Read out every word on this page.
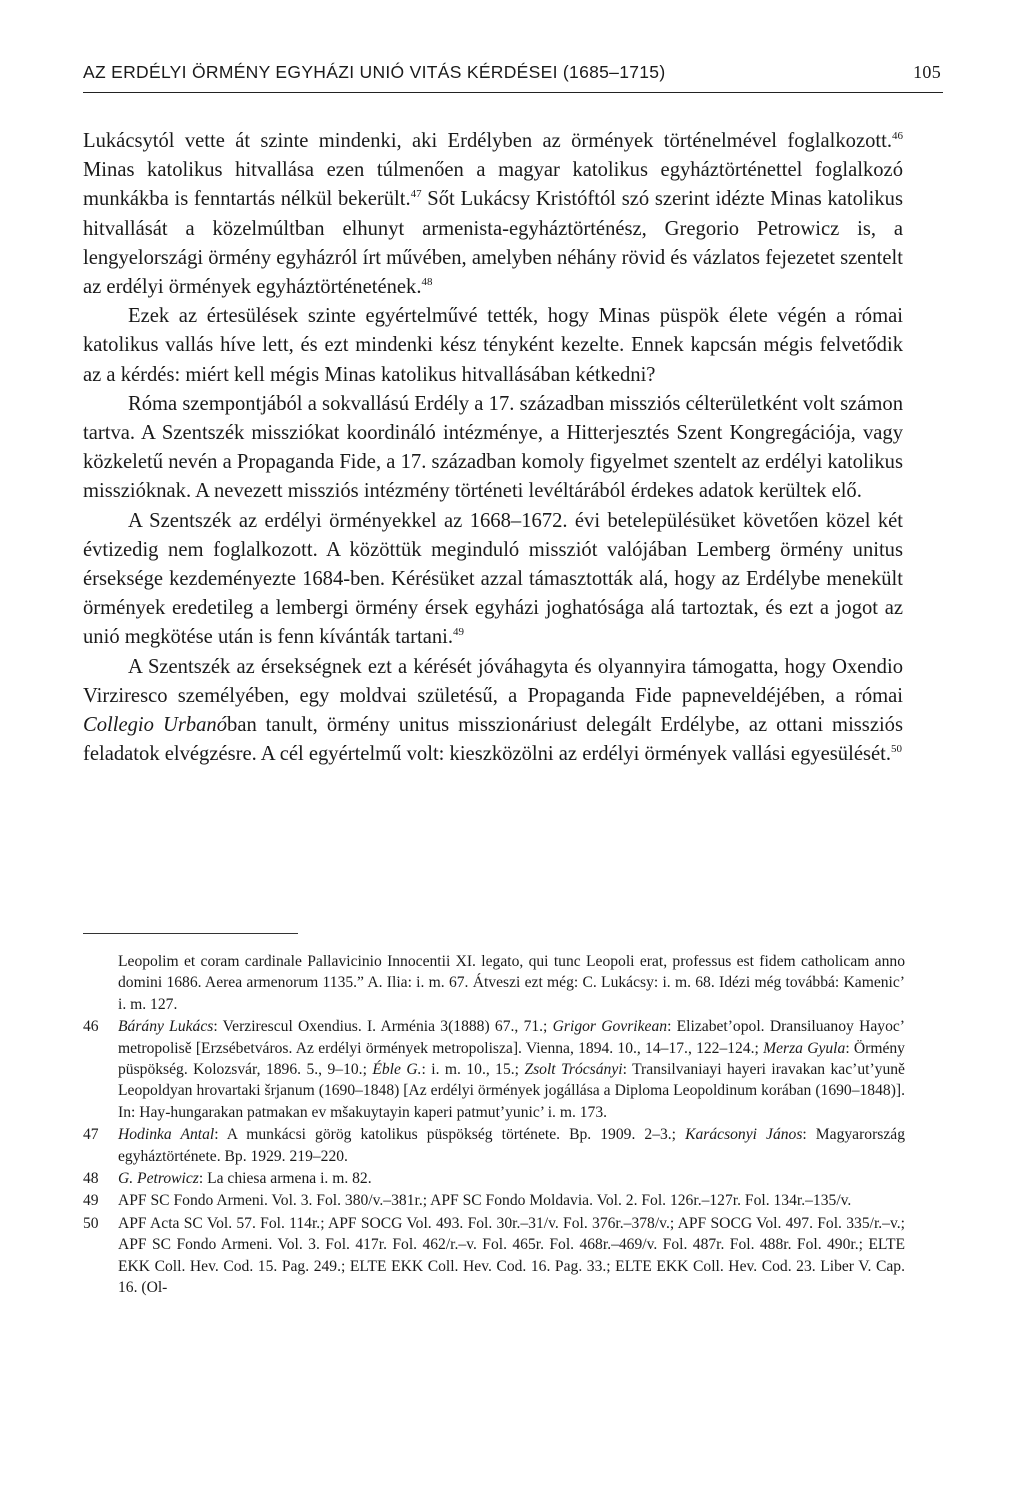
AZ ERDÉLYI ÖRMÉNY EGYHÁZI UNIÓ VITÁS KÉRDÉSEI (1685–1715)	105

Lukácsytól vette át szinte mindenki, aki Erdélyben az örmények történelmével foglalkozott.$^{46}$ Minas katolikus hitvallása ezen túlmenően a magyar katolikus egyháztörténettel foglalkozó munkákba is fenntartás nélkül bekerült.$^{47}$ Sőt Lukácsy Kristóftól szó szerint idézte Minas katolikus hitvallását a közelmúltban elhunyt armenista-egyháztörténész, Gregorio Petrowicz is, a lengyelországi örmény egyházról írt művében, amelyben néhány rövid és vázlatos fejezetet szentelt az erdélyi örmények egyháztörténetének.$^{48}$

Ezek az értesülések szinte egyértelművé tették, hogy Minas püspök élete végén a római katolikus vallás híve lett, és ezt mindenki kész tényként kezelte. Ennek kapcsán mégis felvetődik az a kérdés: miért kell mégis Minas katolikus hitvallásában kétkedni?

Róma szempontjából a sokvallású Erdély a 17. században missziós célterületként volt számon tartva. A Szentszék missziókat koordináló intézménye, a Hitterjesztés Szent Kongregációja, vagy közkeletű nevén a Propaganda Fide, a 17. században komoly figyelmet szentelt az erdélyi katolikus misszióknak. A nevezett missziós intézmény történeti levéltárából érdekes adatok kerültek elő.

A Szentszék az erdélyi örményekkel az 1668–1672. évi betelepülésüket követően közel két évtizedig nem foglalkozott. A közöttük meginduló missziót valójában Lemberg örmény unitus érseksége kezdeményezte 1684-ben. Kérésüket azzal támasztották alá, hogy az Erdélybe menekült örmények eredetileg a lembergi örmény érsek egyházi joghatósága alá tartoztak, és ezt a jogot az unió megkötése után is fenn kívánták tartani.$^{49}$

A Szentszék az érsekségnek ezt a kérését jóváhagyta és olyannyira támogatta, hogy Oxendio Virziresco személyében, egy moldvai születésű, a Propaganda Fide papneveldéjében, a római Collegio Urbanóban tanult, örmény unitus misszionáriust delegált Erdélybe, az ottani missziós feladatok elvégzésre. A cél egyértelmű volt: kieszközölni az erdélyi örmények vallási egyesülését.$^{50}$

Leopolim et coram cardinale Pallavicinio Innocentii XI. legato, qui tunc Leopoli erat, professus est fidem catholicam anno domini 1686. Aerea armenorum 1135.” A. Ilia: i. m. 67. Átveszi ezt még: C. Lukácsy: i. m. 68. Idézi még továbbá: Kamenic’ i. m. 127.
46 Bárány Lukács: Verzirescul Oxendius. I. Arménia 3(1888) 67., 71.; Grigor Govrikean: Elizabet’opol. Dransiluanoy Hayoc’ metropolisě [Erzsébetváros. Az erdélyi örmények metropolisza]. Vienna, 1894. 10., 14–17., 122–124.; Merza Gyula: Örmény püspökség. Kolozsvár, 1896. 5., 9–10.; Éble G.: i. m. 10., 15.; Zsolt Trócsányi: Transilvaniayi hayeri iravakan kac’ut’yuně Leopoldyan hrovartaki šrjanum (1690–1848) [Az erdélyi örmények jogállása a Diploma Leopoldinum korában (1690–1848)]. In: Hay-hungarakan patmakan ev mšakuytayin kaperi patmut’yunic’ i. m. 173.
47 Hodinka Antal: A munkácsi görög katolikus püspökség története. Bp. 1909. 2–3.; Karácsonyi János: Magyarország egyháztörténete. Bp. 1929. 219–220.
48 G. Petrowicz: La chiesa armena i. m. 82.
49 APF SC Fondo Armeni. Vol. 3. Fol. 380/v.–381r.; APF SC Fondo Moldavia. Vol. 2. Fol. 126r.–127r. Fol. 134r.–135/v.
50 APF Acta SC Vol. 57. Fol. 114r.; APF SOCG Vol. 493. Fol. 30r.–31/v. Fol. 376r.–378/v.; APF SOCG Vol. 497. Fol. 335/r.–v.; APF SC Fondo Armeni. Vol. 3. Fol. 417r. Fol. 462/r.–v. Fol. 465r. Fol. 468r.–469/v. Fol. 487r. Fol. 488r. Fol. 490r.; ELTE EKK Coll. Hev. Cod. 15. Pag. 249.; ELTE EKK Coll. Hev. Cod. 16. Pag. 33.; ELTE EKK Coll. Hev. Cod. 23. Liber V. Cap. 16. (Ol-
